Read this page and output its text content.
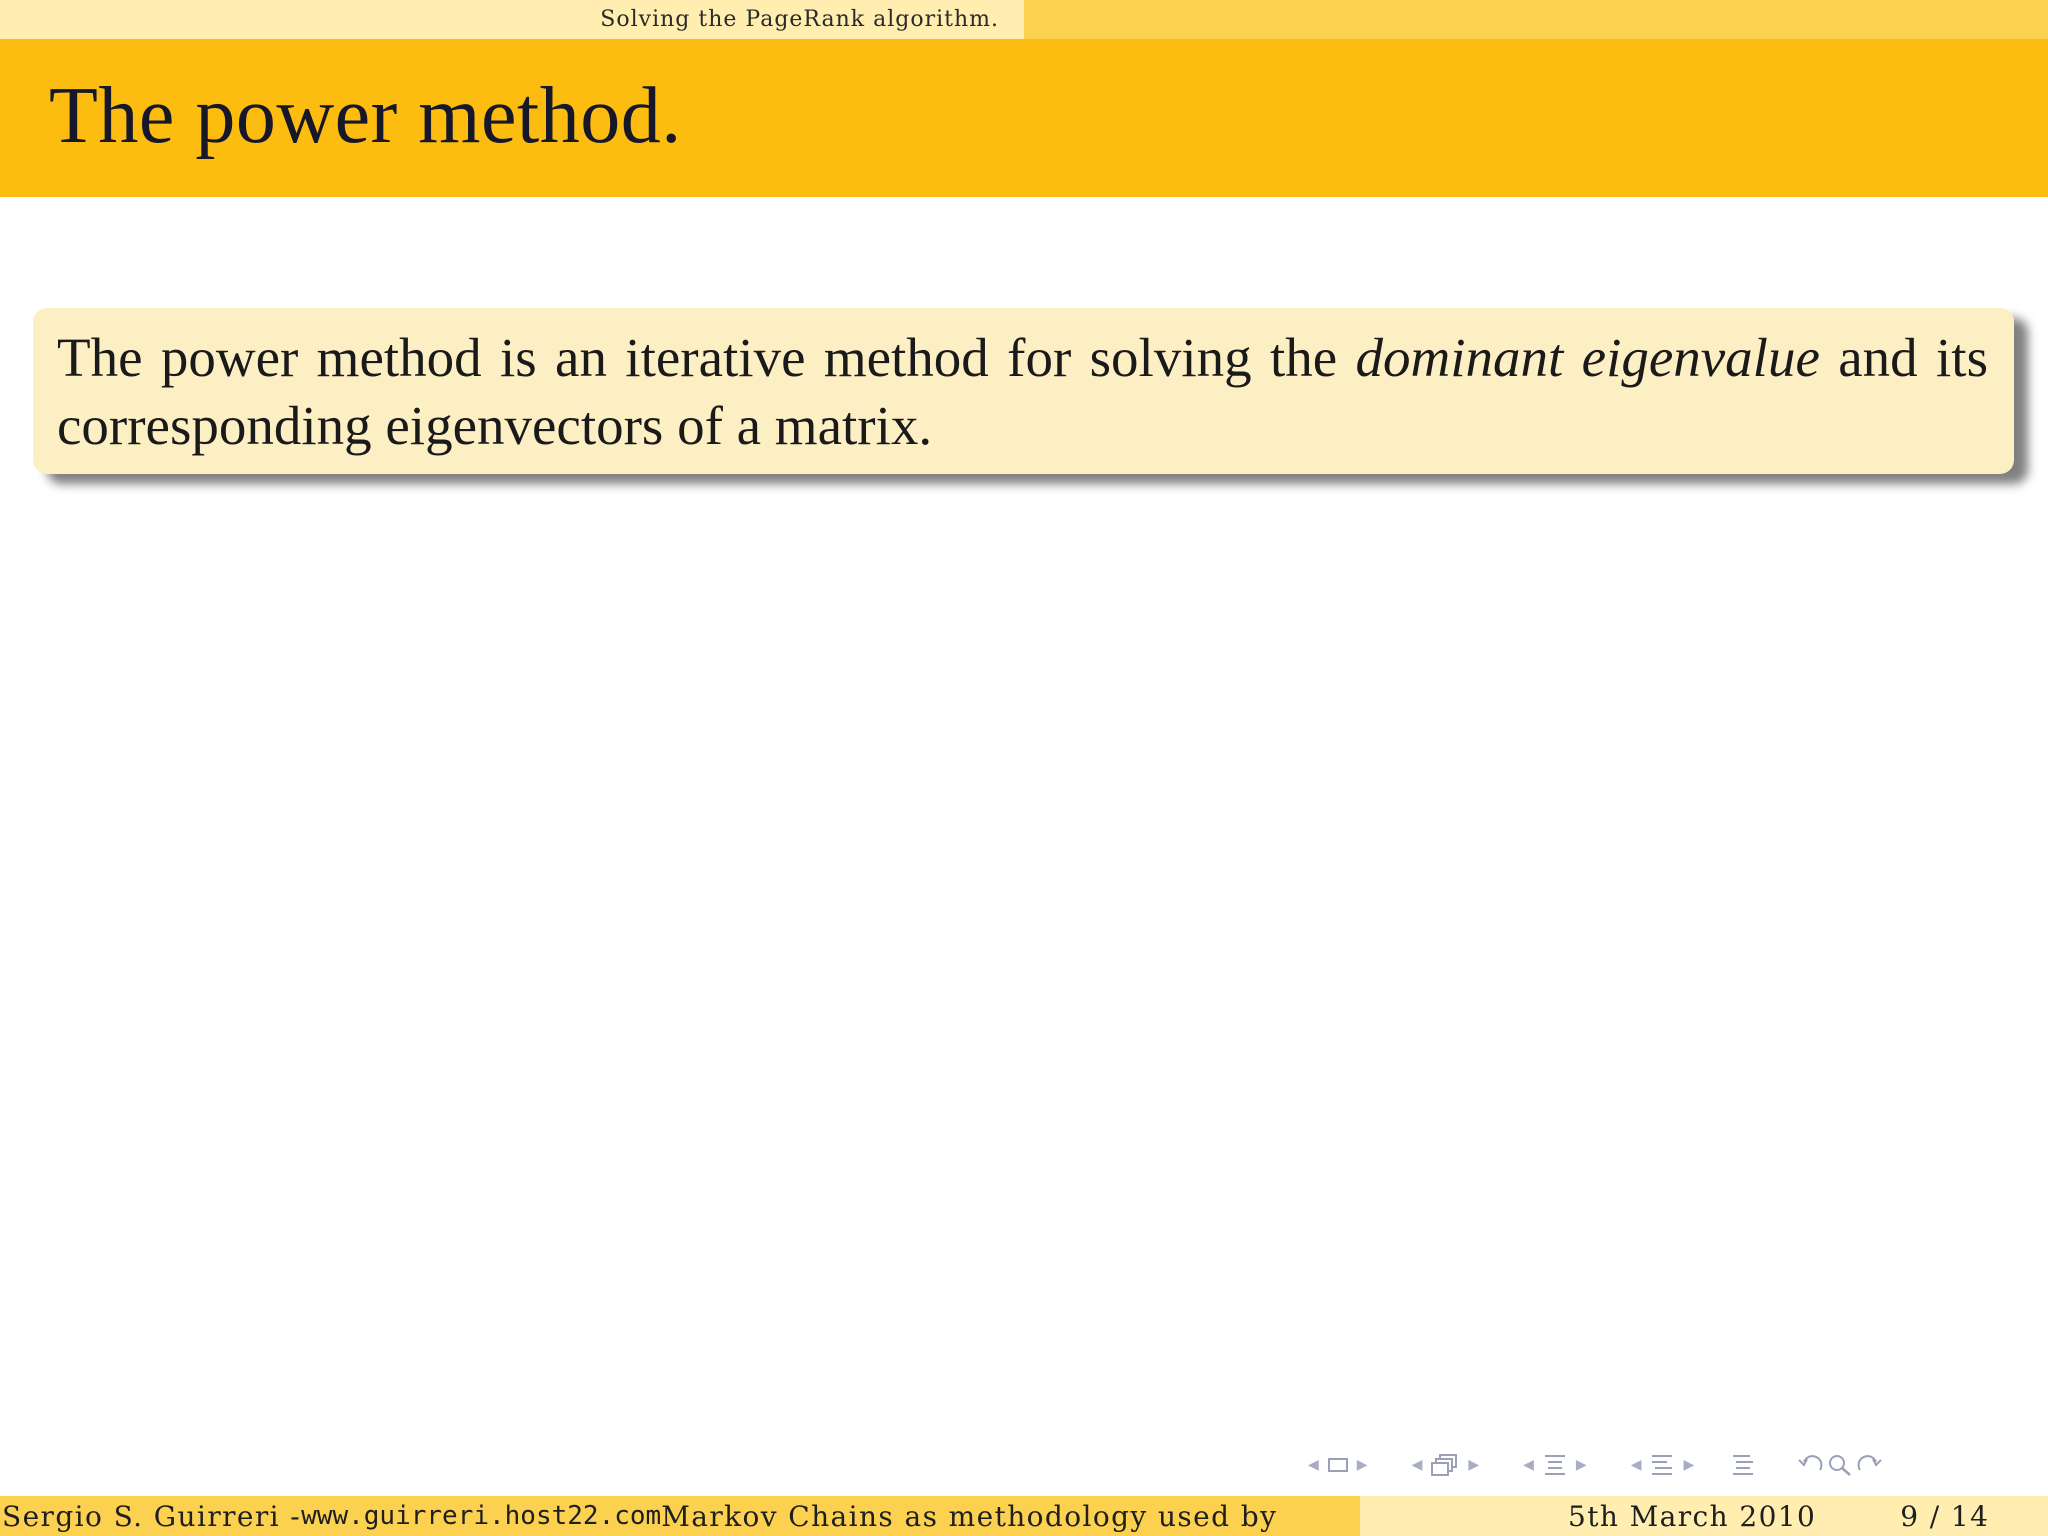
Solving the PageRank algorithm.
The power method.
The power method is an iterative method for solving the dominant eigenvalue and its corresponding eigenvectors of a matrix.
◀	▶	◀	▶	◀	▶	◀	▶
Sergio S. Guirreri - www.guirreri.host22.com Markov Chains as methodology used by	5th March 2010	9 / 14
